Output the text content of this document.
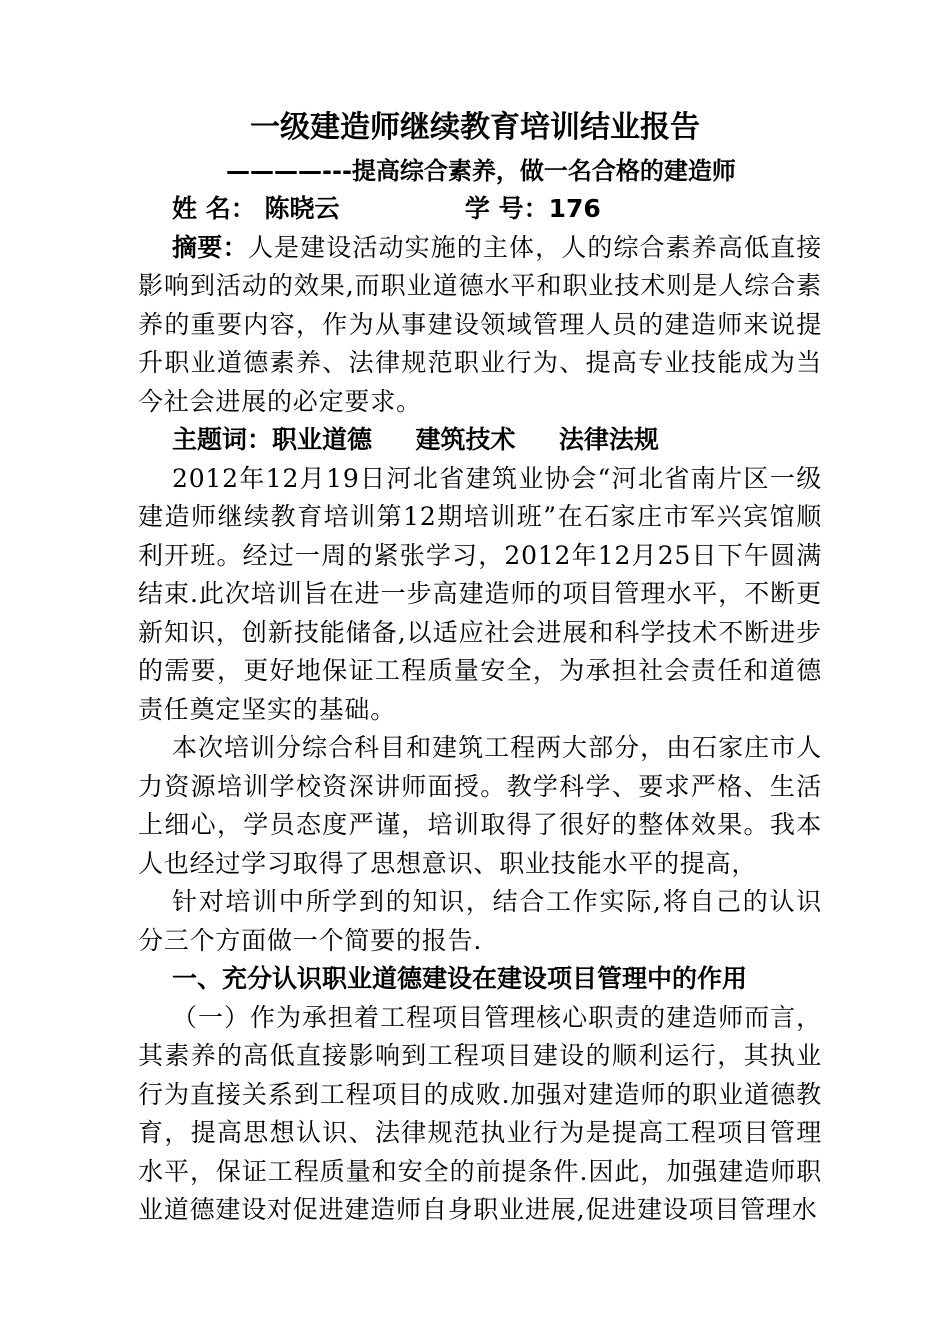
一级建造师继续教育培训结业报告
————---提高综合素养，做一名合格的建造师

姓 名： 陈晓云	学 号：176

摘要：人是建设活动实施的主体，人的综合素养高低直接影响到活动的效果,而职业道德水平和职业技术则是人综合素养的重要内容，作为从事建设领域管理人员的建造师来说提升职业道德素养、法律规范职业行为、提高专业技能成为当今社会进展的必定要求。

主题词：职业道德 建筑技术 法律法规

2012年12月19日河北省建筑业协会“河北省南片区一级建造师继续教育培训第12期培训班”在石家庄市军兴宾馆顺利开班。经过一周的紧张学习，2012年12月25日下午圆满结束.此次培训旨在进一步高建造师的项目管理水平，不断更新知识，创新技能储备,以适应社会进展和科学技术不断进步的需要，更好地保证工程质量安全，为承担社会责任和道德责任奠定坚实的基础。

本次培训分综合科目和建筑工程两大部分，由石家庄市人力资源培训学校资深讲师面授。教学科学、要求严格、生活上细心，学员态度严谨，培训取得了很好的整体效果。我本人也经过学习取得了思想意识、职业技能水平的提高，

针对培训中所学到的知识，结合工作实际,将自己的认识分三个方面做一个简要的报告.

一、充分认识职业道德建设在建设项目管理中的作用

（一）作为承担着工程项目管理核心职责的建造师而言，其素养的高低直接影响到工程项目建设的顺利运行，其执业行为直接关系到工程项目的成败.加强对建造师的职业道德教育，提高思想认识、法律规范执业行为是提高工程项目管理水平，保证工程质量和安全的前提条件.因此，加强建造师职业道德建设对促进建造师自身职业进展,促进建设项目管理水
